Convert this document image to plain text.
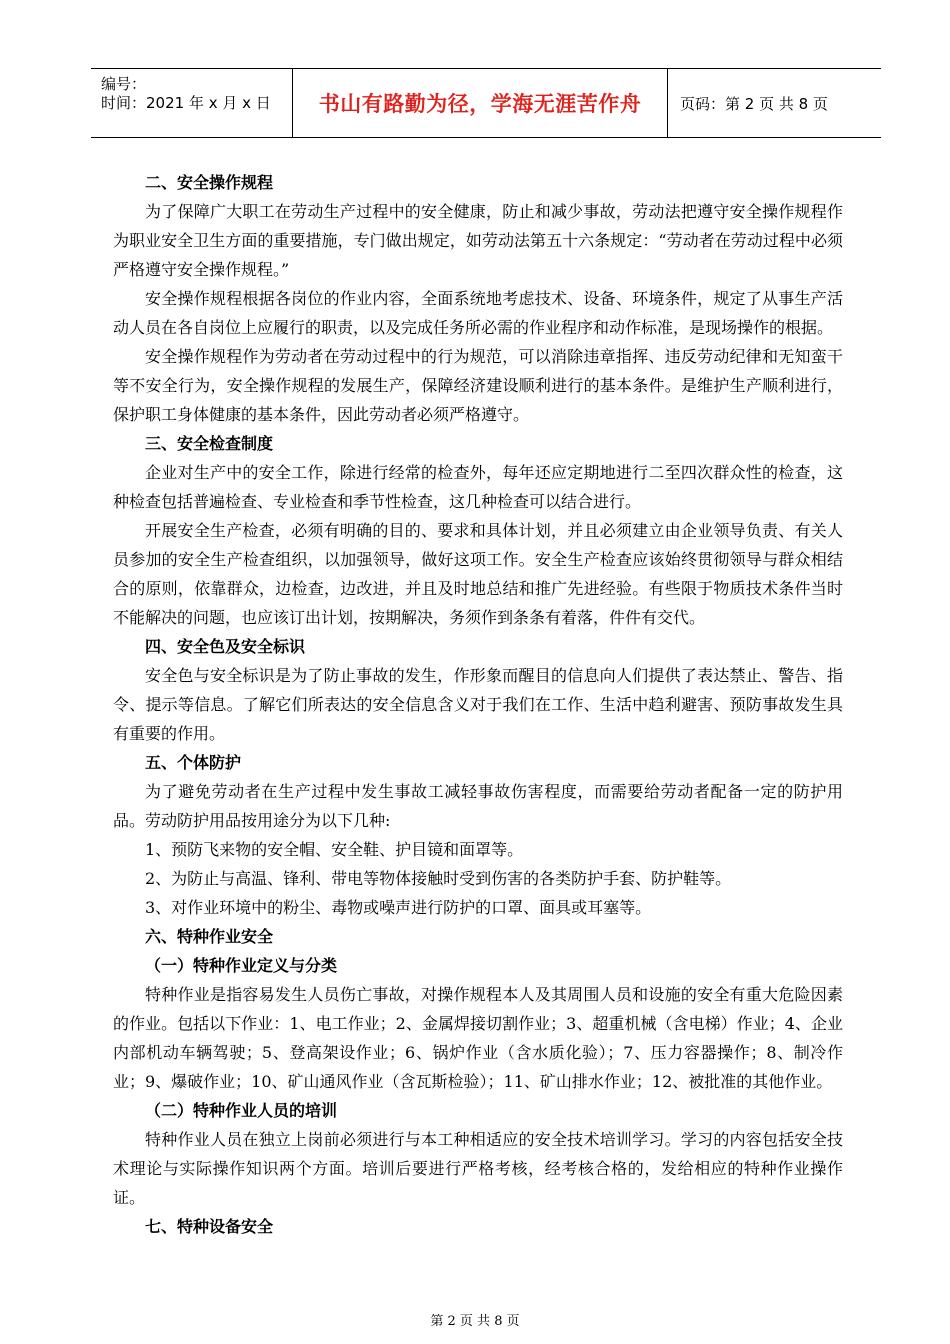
编号：
时间：2021 年 x 月 x 日 书山有路勤为径，学海无涯苦作舟	页码：第 2 页 共 8 页
二、安全操作规程

为了保障广大职工在劳动生产过程中的安全健康，防止和减少事故，劳动法把遵守安全操作规程作为职业安全卫生方面的重要措施，专门做出规定，如劳动法第五十六条规定：“劳动者在劳动过程中必须严格遵守安全操作规程。”

安全操作规程根据各岗位的作业内容，全面系统地考虑技术、设备、环境条件，规定了从事生产活动人员在各自岗位上应履行的职责，以及完成任务所必需的作业程序和动作标准，是现场操作的根据。

安全操作规程作为劳动者在劳动过程中的行为规范，可以消除违章指挥、违反劳动纪律和无知蛮干等不安全行为，安全操作规程的发展生产，保障经济建设顺利进行的基本条件。是维护生产顺利进行，保护职工身体健康的基本条件，因此劳动者必须严格遵守。

三、安全检查制度

企业对生产中的安全工作，除进行经常的检查外，每年还应定期地进行二至四次群众性的检查，这种检查包括普遍检查、专业检查和季节性检查，这几种检查可以结合进行。

开展安全生产检查，必须有明确的目的、要求和具体计划，并且必须建立由企业领导负责、有关人员参加的安全生产检查组织，以加强领导，做好这项工作。安全生产检查应该始终贯彻领导与群众相结合的原则，依靠群众，边检查，边改进，并且及时地总结和推广先进经验。有些限于物质技术条件当时不能解决的问题，也应该订出计划，按期解决，务须作到条条有着落，件件有交代。

四、安全色及安全标识

安全色与安全标识是为了防止事故的发生，作形象而醒目的信息向人们提供了表达禁止、警告、指令、提示等信息。了解它们所表达的安全信息含义对于我们在工作、生活中趋利避害、预防事故发生具有重要的作用。

五、个体防护

为了避免劳动者在生产过程中发生事故工减轻事故伤害程度，而需要给劳动者配备一定的防护用品。劳动防护用品按用途分为以下几种:

1、预防飞来物的安全帽、安全鞋、护目镜和面罩等。

2、为防止与高温、锋利、带电等物体接触时受到伤害的各类防护手套、防护鞋等。

3、对作业环境中的粉尘、毒物或噪声进行防护的口罩、面具或耳塞等。

六、特种作业安全
（一）特种作业定义与分类

特种作业是指容易发生人员伤亡事故，对操作规程本人及其周围人员和设施的安全有重大危险因素的作业。包括以下作业：1、电工作业；2、金属焊接切割作业；3、超重机械（含电梯）作业；4、企业内部机动车辆驾驶；5、登高架设作业；6、锅炉作业（含水质化验）；7、压力容器操作；8、制冷作业；9、爆破作业；10、矿山通风作业（含瓦斯检验）；11、矿山排水作业；12、被批准的其他作业。

（二）特种作业人员的培训

特种作业人员在独立上岗前必须进行与本工种相适应的安全技术培训学习。学习的内容包括安全技术理论与实际操作知识两个方面。培训后要进行严格考核，经考核合格的，发给相应的特种作业操作证。

七、特种设备安全
第 2 页 共 8 页
